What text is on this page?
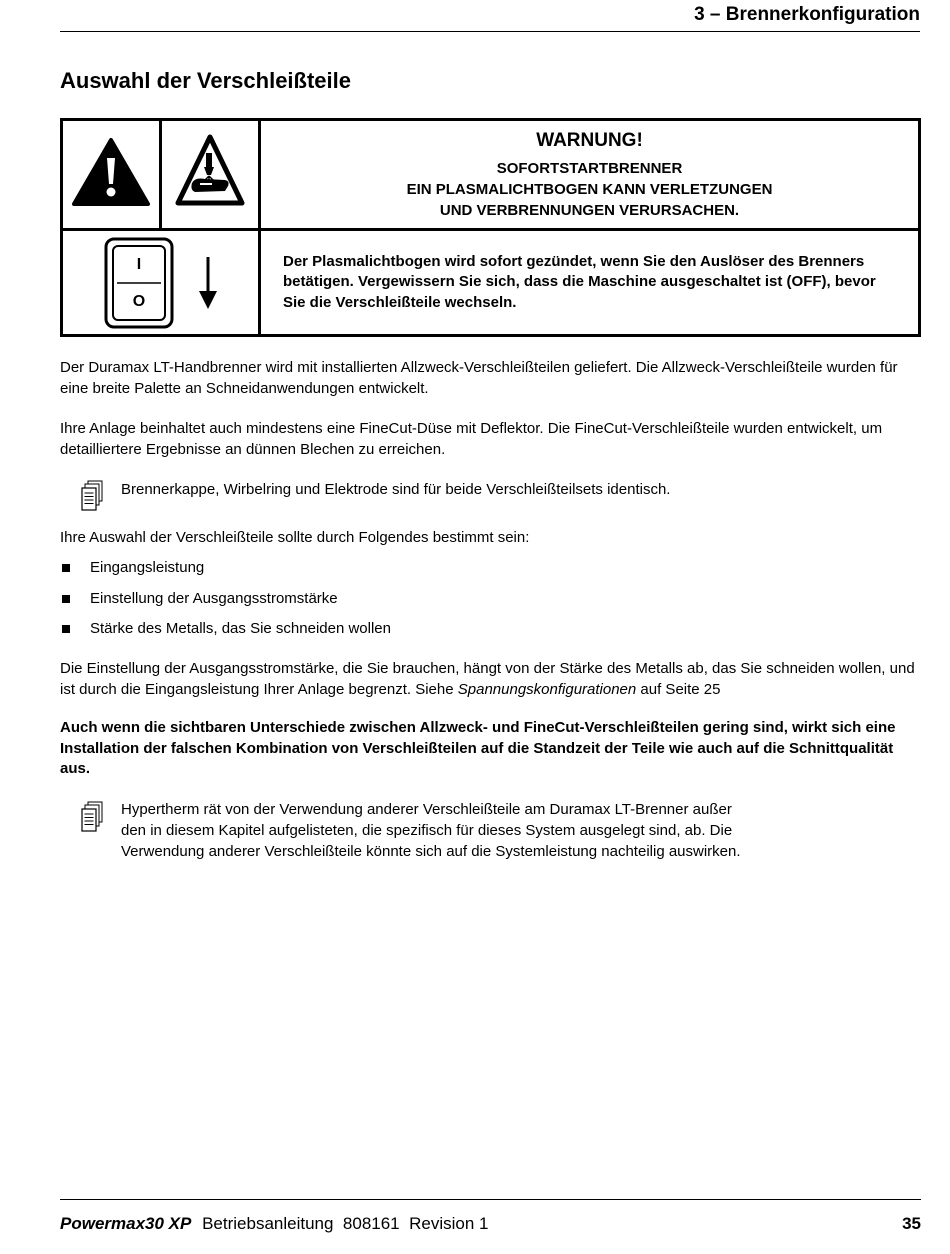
3 – Brennerkonfiguration
Auswahl der Verschleißteile

WARNUNG!
SOFORTSTARTBRENNER
EIN PLASMALICHTBOGEN KANN VERLETZUNGEN
UND VERBRENNUNGEN VERURSACHEN.

I
O		Der Plasmalichtbogen wird sofort gezündet, wenn Sie den Auslöser des Brenners betätigen. Vergewissern Sie sich, dass die Maschine ausgeschaltet ist (OFF), bevor Sie die Verschleißteile wechseln.

Der Duramax LT-Handbrenner wird mit installierten Allzweck-Verschleißteilen geliefert. Die Allzweck-Verschleißteile wurden für eine breite Palette an Schneidanwendungen entwickelt.

Ihre Anlage beinhaltet auch mindestens eine FineCut-Düse mit Deflektor. Die FineCut-Verschleißteile wurden entwickelt, um detailliertere Ergebnisse an dünnen Blechen zu erreichen.

Brennerkappe, Wirbelring und Elektrode sind für beide Verschleißteilsets identisch.

Ihre Auswahl der Verschleißteile sollte durch Folgendes bestimmt sein:

Eingangsleistung
Einstellung der Ausgangsstromstärke
Stärke des Metalls, das Sie schneiden wollen

Die Einstellung der Ausgangsstromstärke, die Sie brauchen, hängt von der Stärke des Metalls ab, das Sie schneiden wollen, und ist durch die Eingangsleistung Ihrer Anlage begrenzt. Siehe Spannungskonfigurationen auf Seite 25

Auch wenn die sichtbaren Unterschiede zwischen Allzweck- und FineCut-Verschleißteilen gering sind, wirkt sich eine Installation der falschen Kombination von Verschleißteilen auf die Standzeit der Teile wie auch auf die Schnittqualität aus.

Hypertherm rät von der Verwendung anderer Verschleißteile am Duramax LT-Brenner außer den in diesem Kapitel aufgelisteten, die spezifisch für dieses System ausgelegt sind, ab. Die Verwendung anderer Verschleißteile könnte sich auf die Systemleistung nachteilig auswirken.

Powermax30 XP Betriebsanleitung  808161  Revision 1	35
